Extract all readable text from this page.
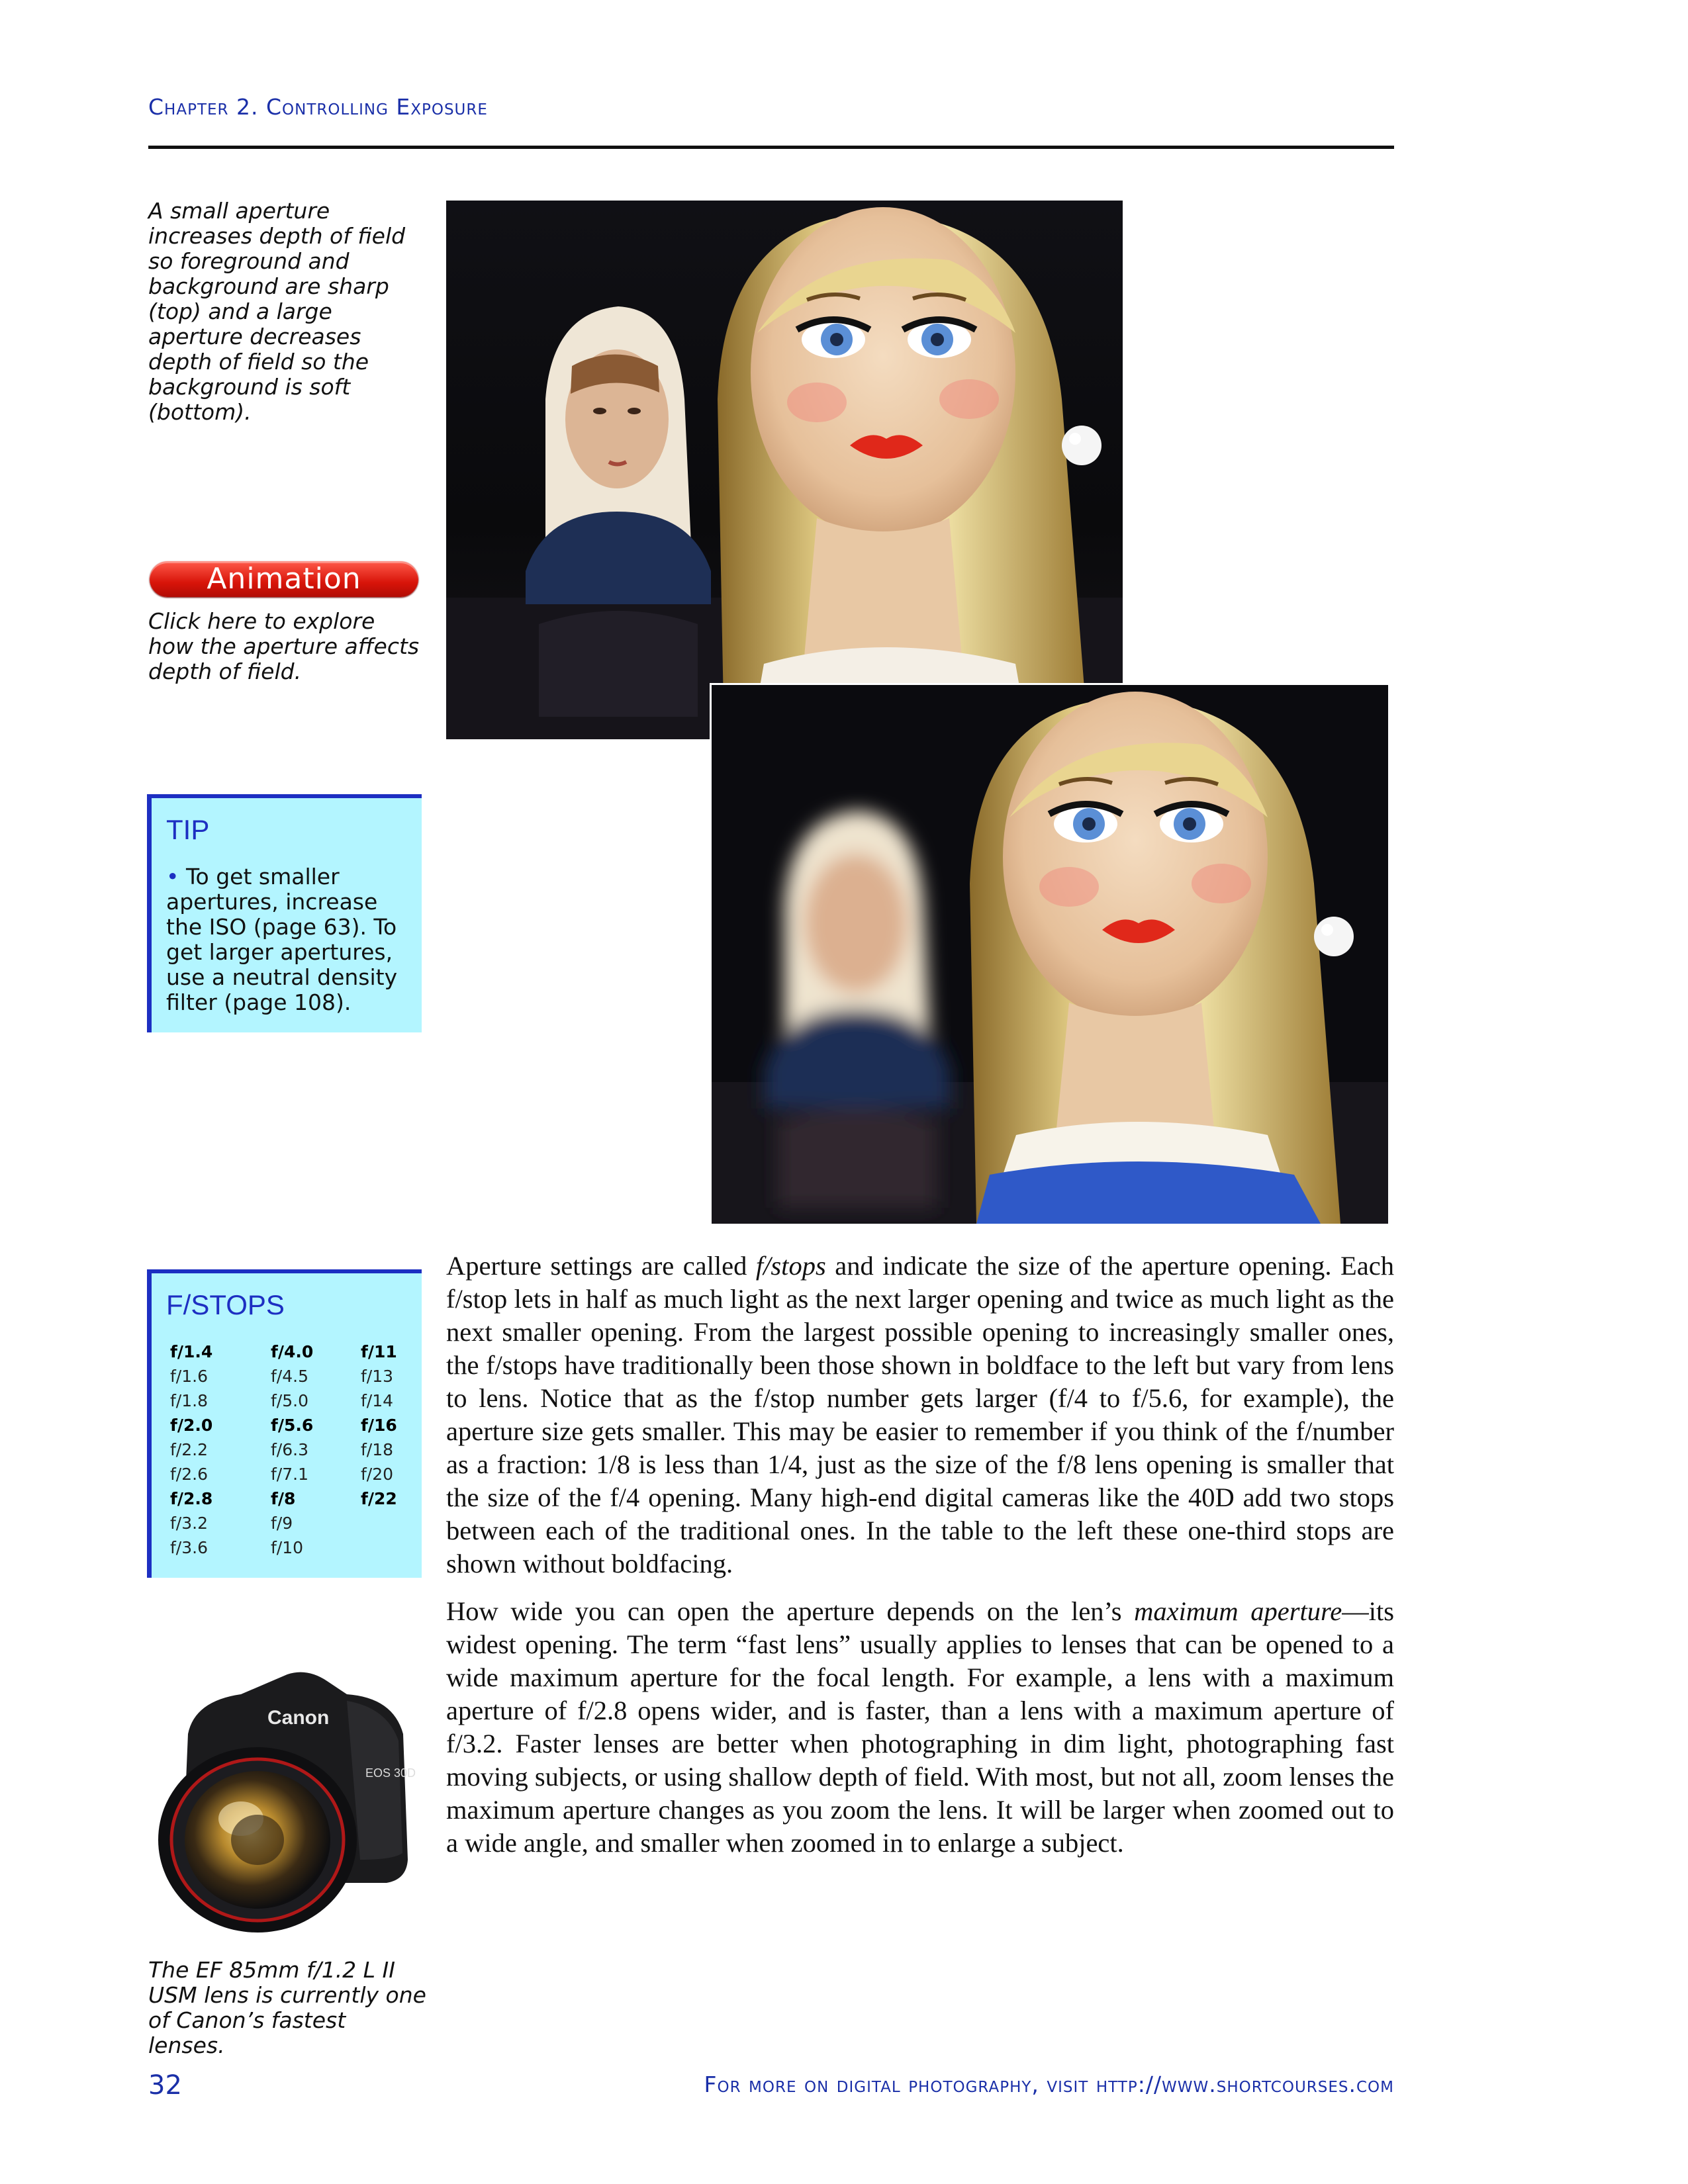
Chapter 2. Controlling Exposure
A small aperture increases depth of field so foreground and background are sharp (top) and a large aperture decreases depth of field so the background is soft (bottom).
Animation
Click here to explore how the aperture affects depth of field.
TIP
• To get smaller apertures, increase the ISO (page 63). To get larger apertures, use a neutral density filter (page 108).
F/STOPS
f/1.4	f/4.0	f/11
f/1.6	f/4.5	f/13
f/1.8	f/5.0	f/14
f/2.0	f/5.6	f/16
f/2.2	f/6.3	f/18
f/2.6	f/7.1	f/20
f/2.8	f/8	f/22
f/3.2	f/9	
f/3.6	f/10	
Canon
EOS 30D
The EF 85mm f/1.2 L II USM lens is currently one of Canon’s fastest lenses.

Aperture settings are called f/stops and indicate the size of the aperture opening. Each f/stop lets in half as much light as the next larger opening and twice as much light as the next smaller opening. From the largest possible opening to increasingly smaller ones, the f/stops have traditionally been those shown in boldface to the left but vary from lens to lens. Notice that as the f/stop number gets larger (f/4 to f/5.6, for example), the aperture size gets smaller. This may be easier to remember if you think of the f/number as a fraction: 1/8 is less than 1/4, just as the size of the f/8 lens opening is smaller that the size of the f/4 opening. Many high-end digital cameras like the 40D add two stops between each of the traditional ones. In the table to the left these one-third stops are shown without boldfacing.

How wide you can open the aperture depends on the len’s maximum aperture—its widest opening. The term “fast lens” usually applies to lenses that can be opened to a wide maximum aperture for the focal length. For example, a lens with a maximum aperture of f/2.8 opens wider, and is faster, than a lens with a maximum aperture of f/3.2. Faster lenses are better when photographing in dim light, photographing fast moving subjects, or using shallow depth of field. With most, but not all, zoom lenses the maximum aperture changes as you zoom the lens. It will be larger when zoomed out to a wide angle, and smaller when zoomed in to enlarge a subject.

32	For more on digital photography, visit http://www.shortcourses.com
